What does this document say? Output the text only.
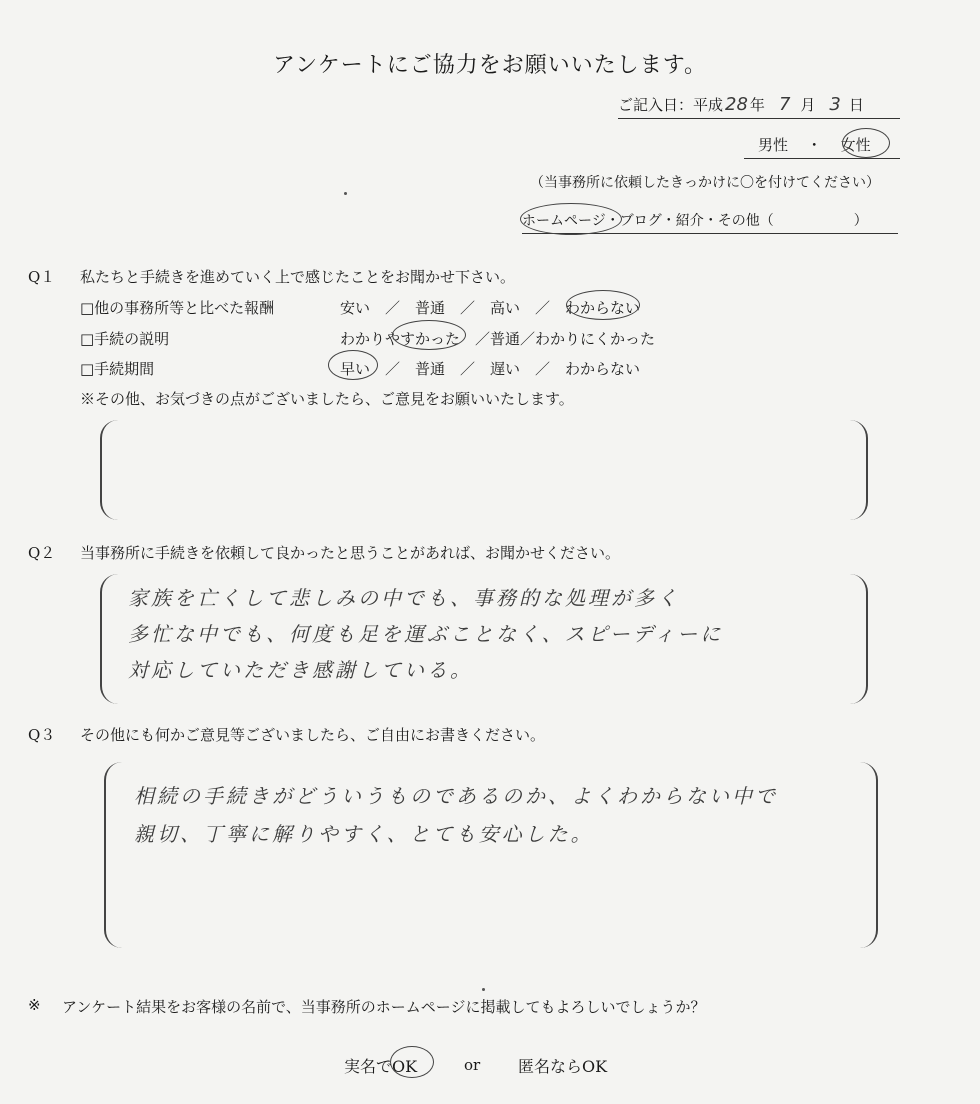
アンケートにご協力をお願いいたします。
ご記入日：平成 28 年 7 月 3 日
男性 ・ 女性
（当事務所に依頼したきっかけに〇を付けてください）
ホームページ・ブログ・紹介・その他（	）
Q１ 私たちと手続きを進めていく上で感じたことをお聞かせ下さい。
□他の事務所等と比べた報酬	安い　／　普通　／　高い　／　わからない
□手続の説明	わかりやすかった　／普通／わかりにくかった
□手続期間	早い　／　普通　／　遅い　／　わからない
※その他、お気づきの点がございましたら、ご意見をお願いいたします。
Q２ 当事務所に手続きを依頼して良かったと思うことがあれば、お聞かせください。
家族を亡くして悲しみの中でも、事務的な処理が多く
多忙な中でも、何度も足を運ぶことなく、スピーディーに
対応していただき感謝している。
Q３ その他にも何かご意見等ございましたら、ご自由にお書きください。
相続の手続きがどういうものであるのか、よくわからない中で
親切、丁寧に解りやすく、とても安心した。
※ アンケート結果をお客様の名前で、当事務所のホームページに掲載してもよろしいでしょうか？
実名でOK	or 匿名ならOK
